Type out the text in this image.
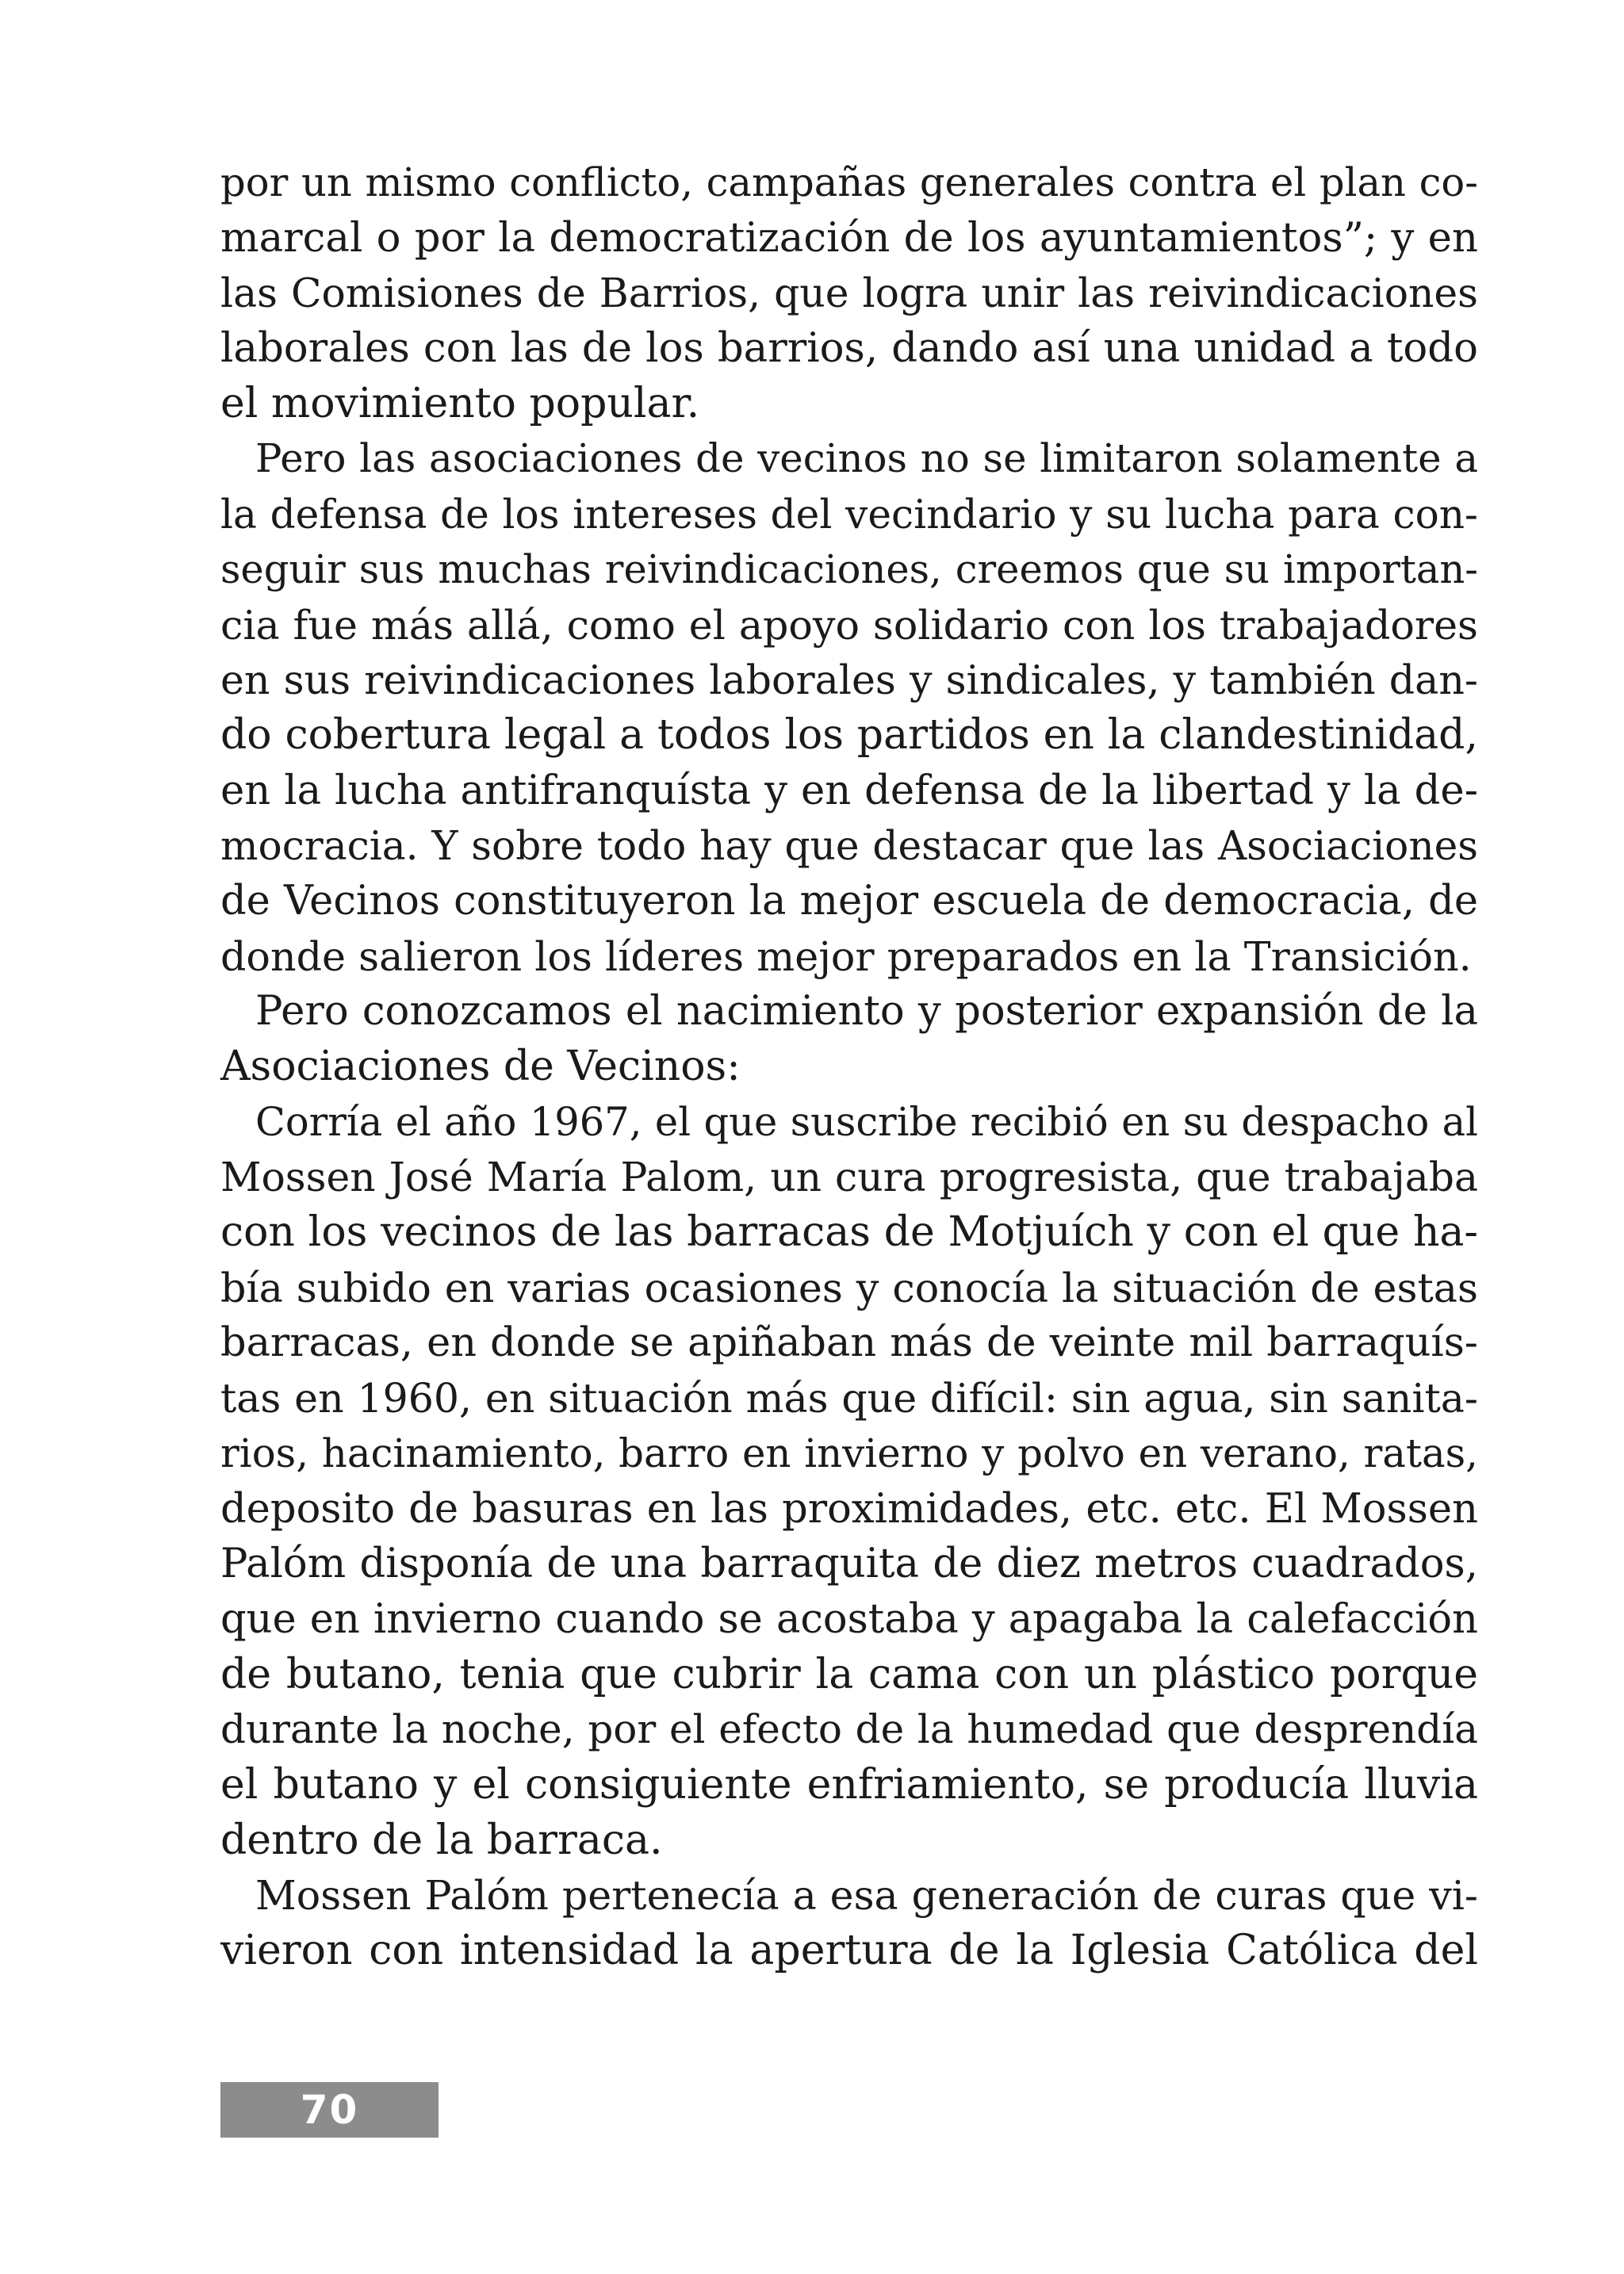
por un mismo conflicto, campañas generales contra el plan co-
marcal o por la democratización de los ayuntamientos”; y en
las Comisiones de Barrios, que logra unir las reivindicaciones
laborales con las de los barrios, dando así una unidad a todo
el movimiento popular.
Pero las asociaciones de vecinos no se limitaron solamente a
la defensa de los intereses del vecindario y su lucha para con-
seguir sus muchas reivindicaciones, creemos que su importan-
cia fue más allá, como el apoyo solidario con los trabajadores
en sus reivindicaciones laborales y sindicales, y también dan-
do cobertura legal a todos los partidos en la clandestinidad,
en la lucha antifranquísta y en defensa de la libertad y la de-
mocracia. Y sobre todo hay que destacar que las Asociaciones
de Vecinos constituyeron la mejor escuela de democracia, de
donde salieron los líderes mejor preparados en la Transición.
Pero conozcamos el nacimiento y posterior expansión de la
Asociaciones de Vecinos:
Corría el año 1967, el que suscribe recibió en su despacho al
Mossen José María Palom, un cura progresista, que trabajaba
con los vecinos de las barracas de Motjuích y con el que ha-
bía subido en varias ocasiones y conocía la situación de estas
barracas, en donde se apiñaban más de veinte mil barraquís-
tas en 1960, en situación más que difícil: sin agua, sin sanita-
rios, hacinamiento, barro en invierno y polvo en verano, ratas,
deposito de basuras en las proximidades, etc. etc. El Mossen
Palóm disponía de una barraquita de diez metros cuadrados,
que en invierno cuando se acostaba y apagaba la calefacción
de butano, tenia que cubrir la cama con un plástico porque
durante la noche, por el efecto de la humedad que desprendía
el butano y el consiguiente enfriamiento, se producía lluvia
dentro de la barraca.
Mossen Palóm pertenecía a esa generación de curas que vi-
vieron con intensidad la apertura de la Iglesia Católica del
70
